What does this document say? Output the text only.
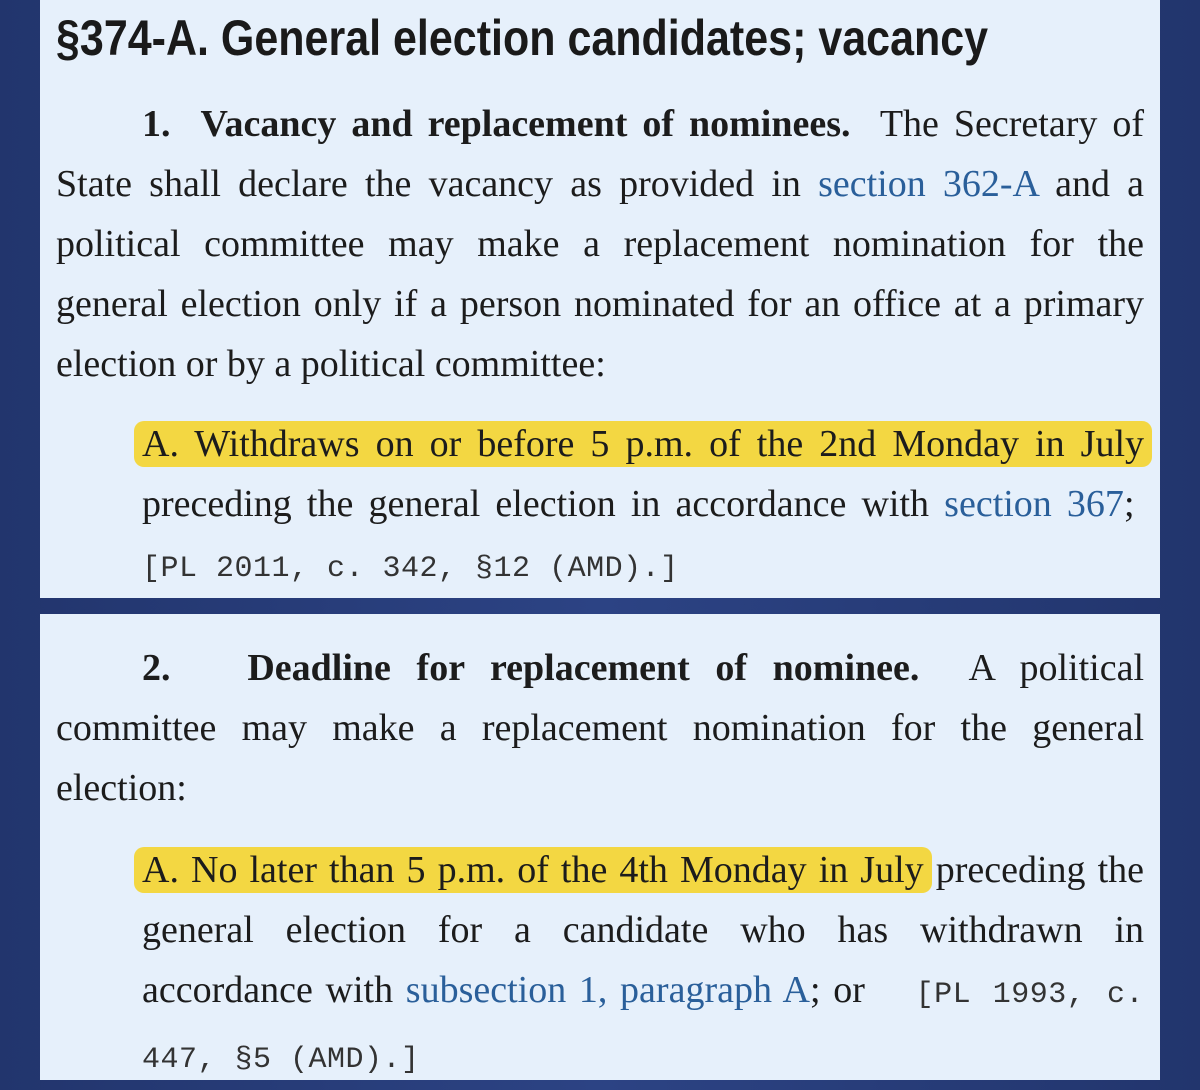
§374-A. General election candidates; vacancy

1. Vacancy and replacement of nominees. The Secretary of State shall declare the vacancy as provided in section 362-A and a political committee may make a replacement nomination for the general election only if a person nominated for an office at a primary election or by a political committee:

A. Withdraws on or before 5 p.m. of the 2nd Monday in July preceding the general election in accordance with section 367;  [PL 2011, c. 342, §12 (AMD).]

2. Deadline for replacement of nominee. A political committee may make a replacement nomination for the general election:

A. No later than 5 p.m. of the 4th Monday in July preceding the general election for a candidate who has withdrawn in accordance with subsection 1, paragraph A; or [PL 1993, c. 447, §5 (AMD).]
